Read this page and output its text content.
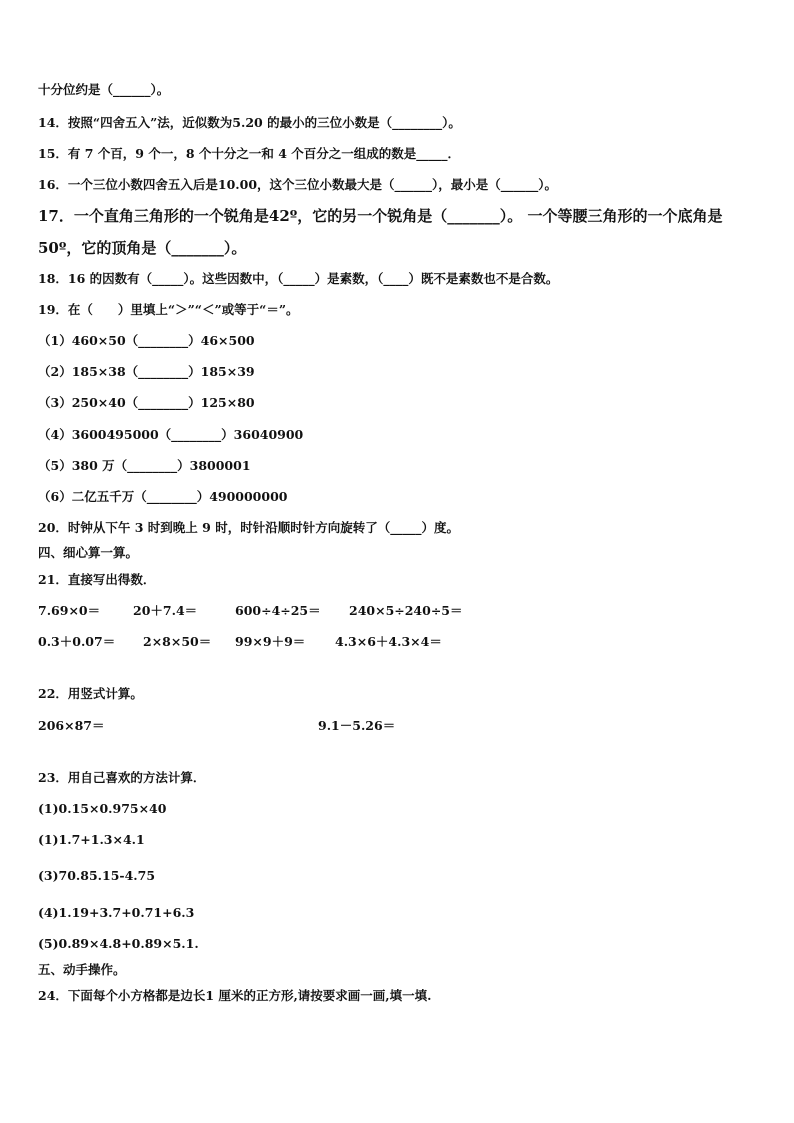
十分位约是（______）。
14．按照“四舍五入”法，近似数为5.20 的最小的三位小数是（________）。
15．有 7 个百，9 个一，8 个十分之一和 4 个百分之一组成的数是_____．
16．一个三位小数四舍五入后是10.00，这个三位小数最大是（______），最小是（______）。
17．一个直角三角形的一个锐角是42º，它的另一个锐角是（_______）。 一个等腰三角形的一个底角是
50º，它的顶角是（_______）。
18．16 的因数有（_____）。这些因数中，（_____）是素数，（____）既不是素数也不是合数。
19．在（　　）里填上“＞”“＜”或等于“＝”。
（1）460×50（________）46×500
（2）185×38（________）185×39
（3）250×40（________）125×80
（4）3600495000（________）36040900
（5）380 万（________）3800001
（6）二亿五千万（________）490000000
20．时钟从下午 3 时到晚上 9 时，时针沿顺时针方向旋转了（_____）度。
四、细心算一算。
21．直接写出得数．
7.69×0＝	20＋7.4＝	600÷4÷25＝ 240×5÷240÷5＝
0.3＋0.07＝ 2×8×50＝ 99×9＋9＝ 4.3×6＋4.3×4＝
22．用竖式计算。
206×87＝	9.1－5.26＝
23．用自己喜欢的方法计算．
(1)0.15×0.975×40
(1)1.7+1.3×4.1
(3)70.85.15-4.75
(4)1.19+3.7+0.71+6.3
(5)0.89×4.8+0.89×5.1.
五、动手操作。
24．下面每个小方格都是边长1 厘米的正方形,请按要求画一画,填一填.
